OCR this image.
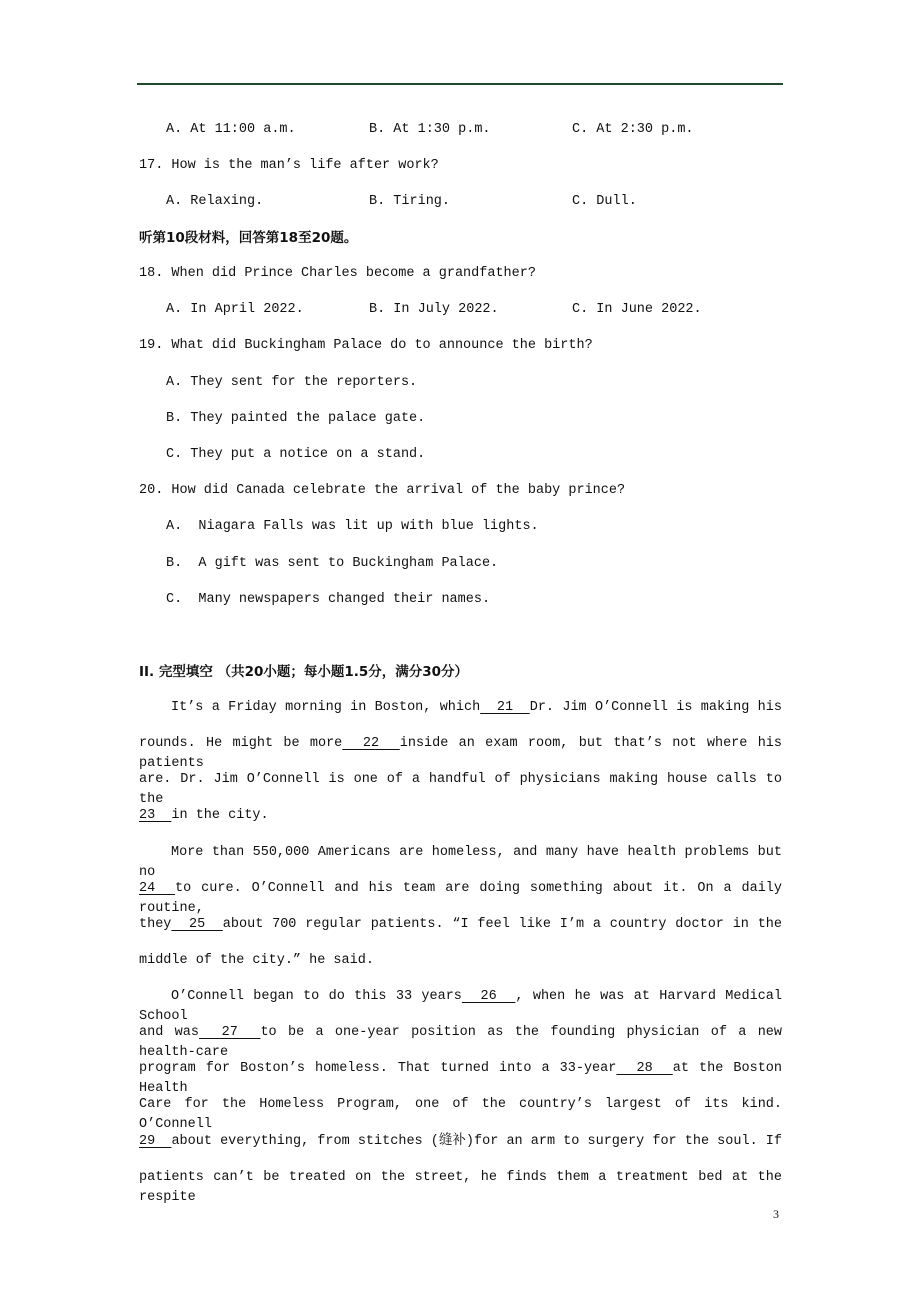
A. At 11:00 a.m.	B. At 1:30 p.m.	C. At 2:30 p.m.
17. How is the man’s life after work?
A. Relaxing.	B. Tiring.	C. Dull.
听第10段材料，回答第18至20题。
18. When did Prince Charles become a grandfather?
A. In April 2022.	B. In July 2022.	C. In June 2022.
19. What did Buckingham Palace do to announce the birth?
A. They sent for the reporters.
B. They painted the palace gate.
C. They put a notice on a stand.
20. How did Canada celebrate the arrival of the baby prince?
A.  Niagara Falls was lit up with blue lights.
B.  A gift was sent to Buckingham Palace.
C.  Many newspapers changed their names.
II. 完型填空 （共20小题；每小题1.5分，满分30分）
It’s a Friday morning in Boston, which  21  Dr. Jim O’Connell is making his
rounds. He might be more  22  inside an exam room, but that’s not where his patients
are. Dr. Jim O’Connell is one of a handful of physicians making house calls to the
23  in the city.
More than 550,000 Americans are homeless, and many have health problems but no
24  to cure. O’Connell and his team are doing something about it. On a daily routine,
they  25  about 700 regular patients. “I feel like I’m a country doctor in the
middle of the city.” he said.
O’Connell began to do this 33 years  26  , when he was at Harvard Medical School
and was  27  to be a one-year position as the founding physician of a new health-care
program for Boston’s homeless. That turned into a 33-year  28  at the Boston Health
Care for the Homeless Program, one of the country’s largest of its kind. O’Connell
29  about everything, from stitches (缝补)for an arm to surgery for the soul. If
patients can’t be treated on the street, he finds them a treatment bed at the respite
3
